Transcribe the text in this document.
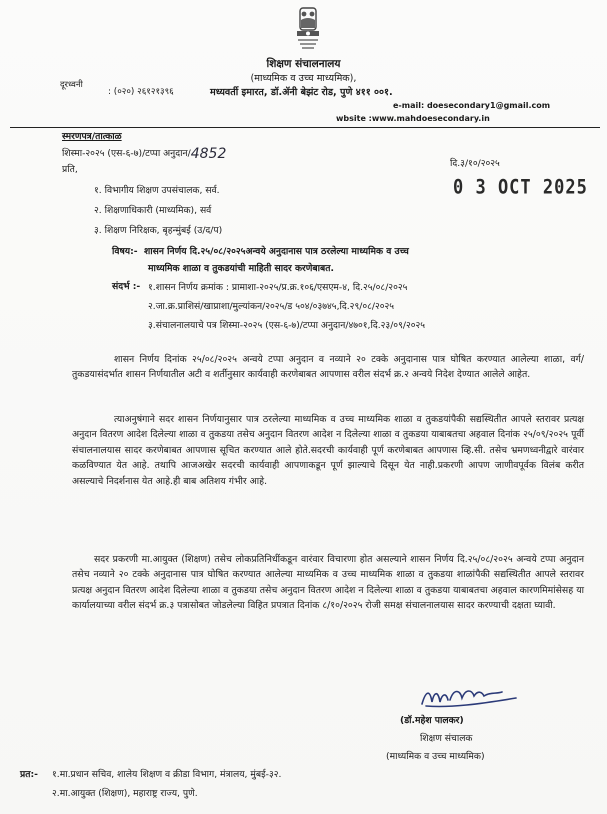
शिक्षण संचालनालय
(माध्यमिक व उच्च माध्यमिक),
मध्यवर्ती इमारत, डॉ.ॲनी बेझंट रोड, पुणे ४११ ००१.
दूरध्वनी
: (०२०) २६१२१३९६
e-mail: doesecondary1@gmail.com
wbsite :www.mahdoesecondary.in
स्मरणपत्र/तात्काळ
शिस्मा-२०२५ (एस-६-७)/टप्पा अनुदान/4852
दि.३/१०/२०२५
0 3 OCT 2025
प्रति,
१. विभागीय शिक्षण उपसंचालक, सर्व.
२. शिक्षणाधिकारी (माध्यमिक), सर्व
३. शिक्षण निरिक्षक, बृहन्मुंबई (उ/द/प)
विषय:- शासन निर्णय दि.२५/०८/२०२५अन्वये अनुदानास पात्र ठरलेल्या माध्यमिक व उच्च
माध्यमिक शाळा व तुकडयांची माहिती सादर करणेबाबत.
संदर्भ :- १.शासन निर्णय क्रमांक : प्रामाशा-२०२५/प्र.क्र.१०६/एसएम-४, दि.२५/०८/२०२५
२.जा.क्र.प्राशिसं/खाप्राशा/मुल्यांकन/२०२५/ड ५०४/०३७४५,दि.२९/०८/२०२५
३.संचालनालयाचे पत्र शिस्मा-२०२५ (एस-६-७)/टप्पा अनुदान/४७०१,दि.२३/०९/२०२५
शासन निर्णय दिनांक २५/०८/२०२५ अन्वये टप्पा अनुदान व नव्याने २० टक्के अनुदानास पात्र घोषित करण्यात आलेल्या शाळा, वर्ग/तुकडयासंदर्भात शासन निर्णयातील अटी व शर्तीनुसार कार्यवाही करणेबाबत आपणास वरील संदर्भ क्र.२ अन्वये निदेश देण्यात आलेले आहेत.
त्याअनुषंगाने सदर शासन निर्णयानुसार पात्र ठरलेल्या माध्यमिक व उच्च माध्यमिक शाळा व तुकडयांपैकी सद्यस्थितीत आपले स्तरावर प्रत्यक्ष अनुदान वितरण आदेश दिलेल्या शाळा व तुकडया तसेच अनुदान वितरण आदेश न दिलेल्या शाळा व तुकडया याबाबतचा अहवाल दिनांक २५/०९/२०२५ पूर्वी संचालनालयास सादर करणेबाबत आपणास सूचित करण्यात आले होते.सदरची कार्यवाही पूर्ण करणेबाबत आपणास व्हि.सी. तसेच भ्रमणध्वनीद्वारे वारंवार कळविण्यात येत आहे. तथापि आजअखेर सदरची कार्यवाही आपणाकडून पूर्ण झाल्याचे दिसून येत नाही.प्रकरणी आपण जाणीवपूर्वक विलंब करीत असल्याचे निदर्शनास येत आहे.ही बाब अतिशय गंभीर आहे.
सदर प्रकरणी मा.आयुक्त (शिक्षण) तसेच लोकप्रतिनिधींकडून वारंवार विचारणा होत असल्याने शासन निर्णय दि.२५/०८/२०२५ अन्वये टप्पा अनुदान तसेच नव्याने २० टक्के अनुदानास पात्र घोषित करण्यात आलेल्या माध्यमिक व उच्च माध्यमिक शाळा व तुकडया शाळांपैकी सद्यस्थितीत आपले स्तरावर प्रत्यक्ष अनुदान वितरण आदेश दिलेल्या शाळा व तुकडया तसेच अनुदान वितरण आदेश न दिलेल्या शाळा व तुकडया याबाबतचा अहवाल कारणमिमांसेसह या कार्यालयाच्या वरील संदर्भ क्र.३ पत्रासोबत जोडलेल्या विहित प्रपत्रात दिनांक ८/१०/२०२५ रोजी समक्ष संचालनालयास सादर करण्याची दक्षता घ्यावी.
(डॉ.महेश पालकर)
शिक्षण संचालक
(माध्यमिक व उच्च माध्यमिक)
प्रत:- १.मा.प्रधान सचिव, शालेय शिक्षण व क्रीडा विभाग, मंत्रालय, मुंबई-३२.
२.मा.आयुक्त (शिक्षण), महाराष्ट्र राज्य, पुणे.
